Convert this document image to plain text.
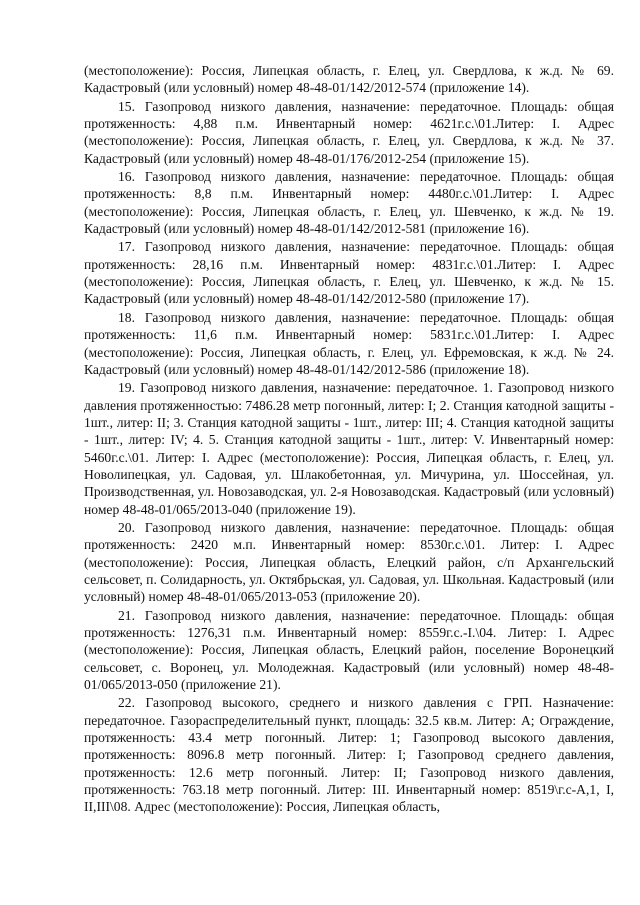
(местоположение): Россия, Липецкая область, г. Елец, ул. Свердлова, к ж.д. № 69. Кадастровый (или условный) номер 48-48-01/142/2012-574 (приложение 14).

15. Газопровод низкого давления, назначение: передаточное. Площадь: общая протяженность: 4,88 п.м. Инвентарный номер: 4621г.с.\01.Литер: I. Адрес (местоположение): Россия, Липецкая область, г. Елец, ул. Свердлова, к ж.д. № 37. Кадастровый (или условный) номер 48-48-01/176/2012-254 (приложение 15).

16. Газопровод низкого давления, назначение: передаточное. Площадь: общая протяженность: 8,8 п.м. Инвентарный номер: 4480г.с.\01.Литер: I. Адрес (местоположение): Россия, Липецкая область, г. Елец, ул. Шевченко, к ж.д. № 19. Кадастровый (или условный) номер 48-48-01/142/2012-581 (приложение 16).

17. Газопровод низкого давления, назначение: передаточное. Площадь: общая протяженность: 28,16 п.м. Инвентарный номер: 4831г.с.\01.Литер: I. Адрес (местоположение): Россия, Липецкая область, г. Елец, ул. Шевченко, к ж.д. № 15. Кадастровый (или условный) номер 48-48-01/142/2012-580 (приложение 17).

18. Газопровод низкого давления, назначение: передаточное. Площадь: общая протяженность: 11,6 п.м. Инвентарный номер: 5831г.с.\01.Литер: I. Адрес (местоположение): Россия, Липецкая область, г. Елец, ул. Ефремовская, к ж.д. № 24. Кадастровый (или условный) номер 48-48-01/142/2012-586 (приложение 18).

19. Газопровод низкого давления, назначение: передаточное. 1. Газопровод низкого давления протяженностью: 7486.28 метр погонный, литер: I; 2. Станция катодной защиты - 1шт., литер: II; 3. Станция катодной защиты - 1шт., литер: III; 4. Станция катодной защиты - 1шт., литер: IV; 4. 5. Станция катодной защиты - 1шт., литер: V. Инвентарный номер: 5460г.с.\01. Литер: I. Адрес (местоположение): Россия, Липецкая область, г. Елец, ул. Новолипецкая, ул. Садовая, ул. Шлакобетонная, ул. Мичурина, ул. Шоссейная, ул. Производственная, ул. Новозаводская, ул. 2-я Новозаводская. Кадастровый (или условный) номер 48-48-01/065/2013-040 (приложение 19).

20. Газопровод низкого давления, назначение: передаточное. Площадь: общая протяженность: 2420 м.п. Инвентарный номер: 8530г.с.\01. Литер: I. Адрес (местоположение): Россия, Липецкая область, Елецкий район, с/п Архангельский сельсовет, п. Солидарность, ул. Октябрьская, ул. Садовая, ул. Школьная. Кадастровый (или условный) номер 48-48-01/065/2013-053 (приложение 20).

21. Газопровод низкого давления, назначение: передаточное. Площадь: общая протяженность: 1276,31 п.м. Инвентарный номер: 8559г.с.-I.\04. Литер: I. Адрес (местоположение): Россия, Липецкая область, Елецкий район, поселение Воронецкий сельсовет, с. Воронец, ул. Молодежная. Кадастровый (или условный) номер 48-48-01/065/2013-050 (приложение 21).

22. Газопровод высокого, среднего и низкого давления с ГРП. Назначение: передаточное. Газораспределительный пункт, площадь: 32.5 кв.м. Литер: А; Ограждение, протяженность: 43.4 метр погонный. Литер: 1; Газопровод высокого давления, протяженность: 8096.8 метр погонный. Литер: I; Газопровод среднего давления, протяженность: 12.6 метр погонный. Литер: II; Газопровод низкого давления, протяженность: 763.18 метр погонный. Литер: III. Инвентарный номер: 8519\г.с-А,1, I, II,III\08. Адрес (местоположение): Россия, Липецкая область,
